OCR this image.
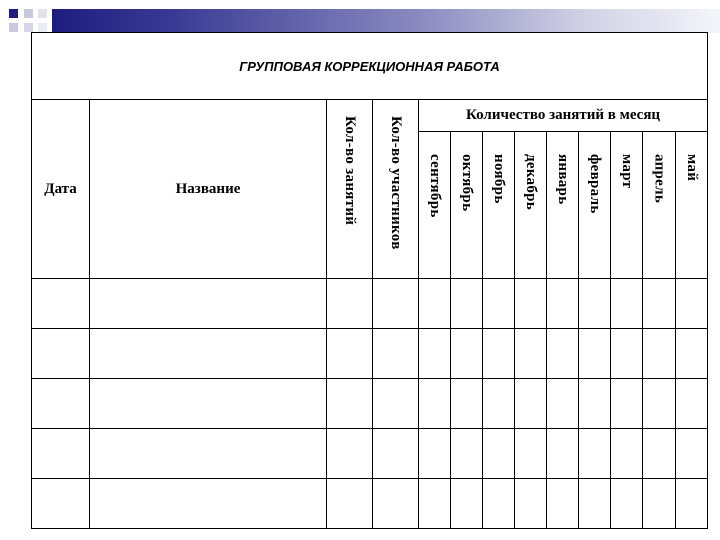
ГРУППОВАЯ КОРРЕКЦИОННАЯ РАБОТА												
Дата	Название	Кол-во занятий	Кол-во участников	Количество занятий в месяц								
				сентябрь	октябрь	ноябрь	декабрь	январь	февраль	март	апрель	май
